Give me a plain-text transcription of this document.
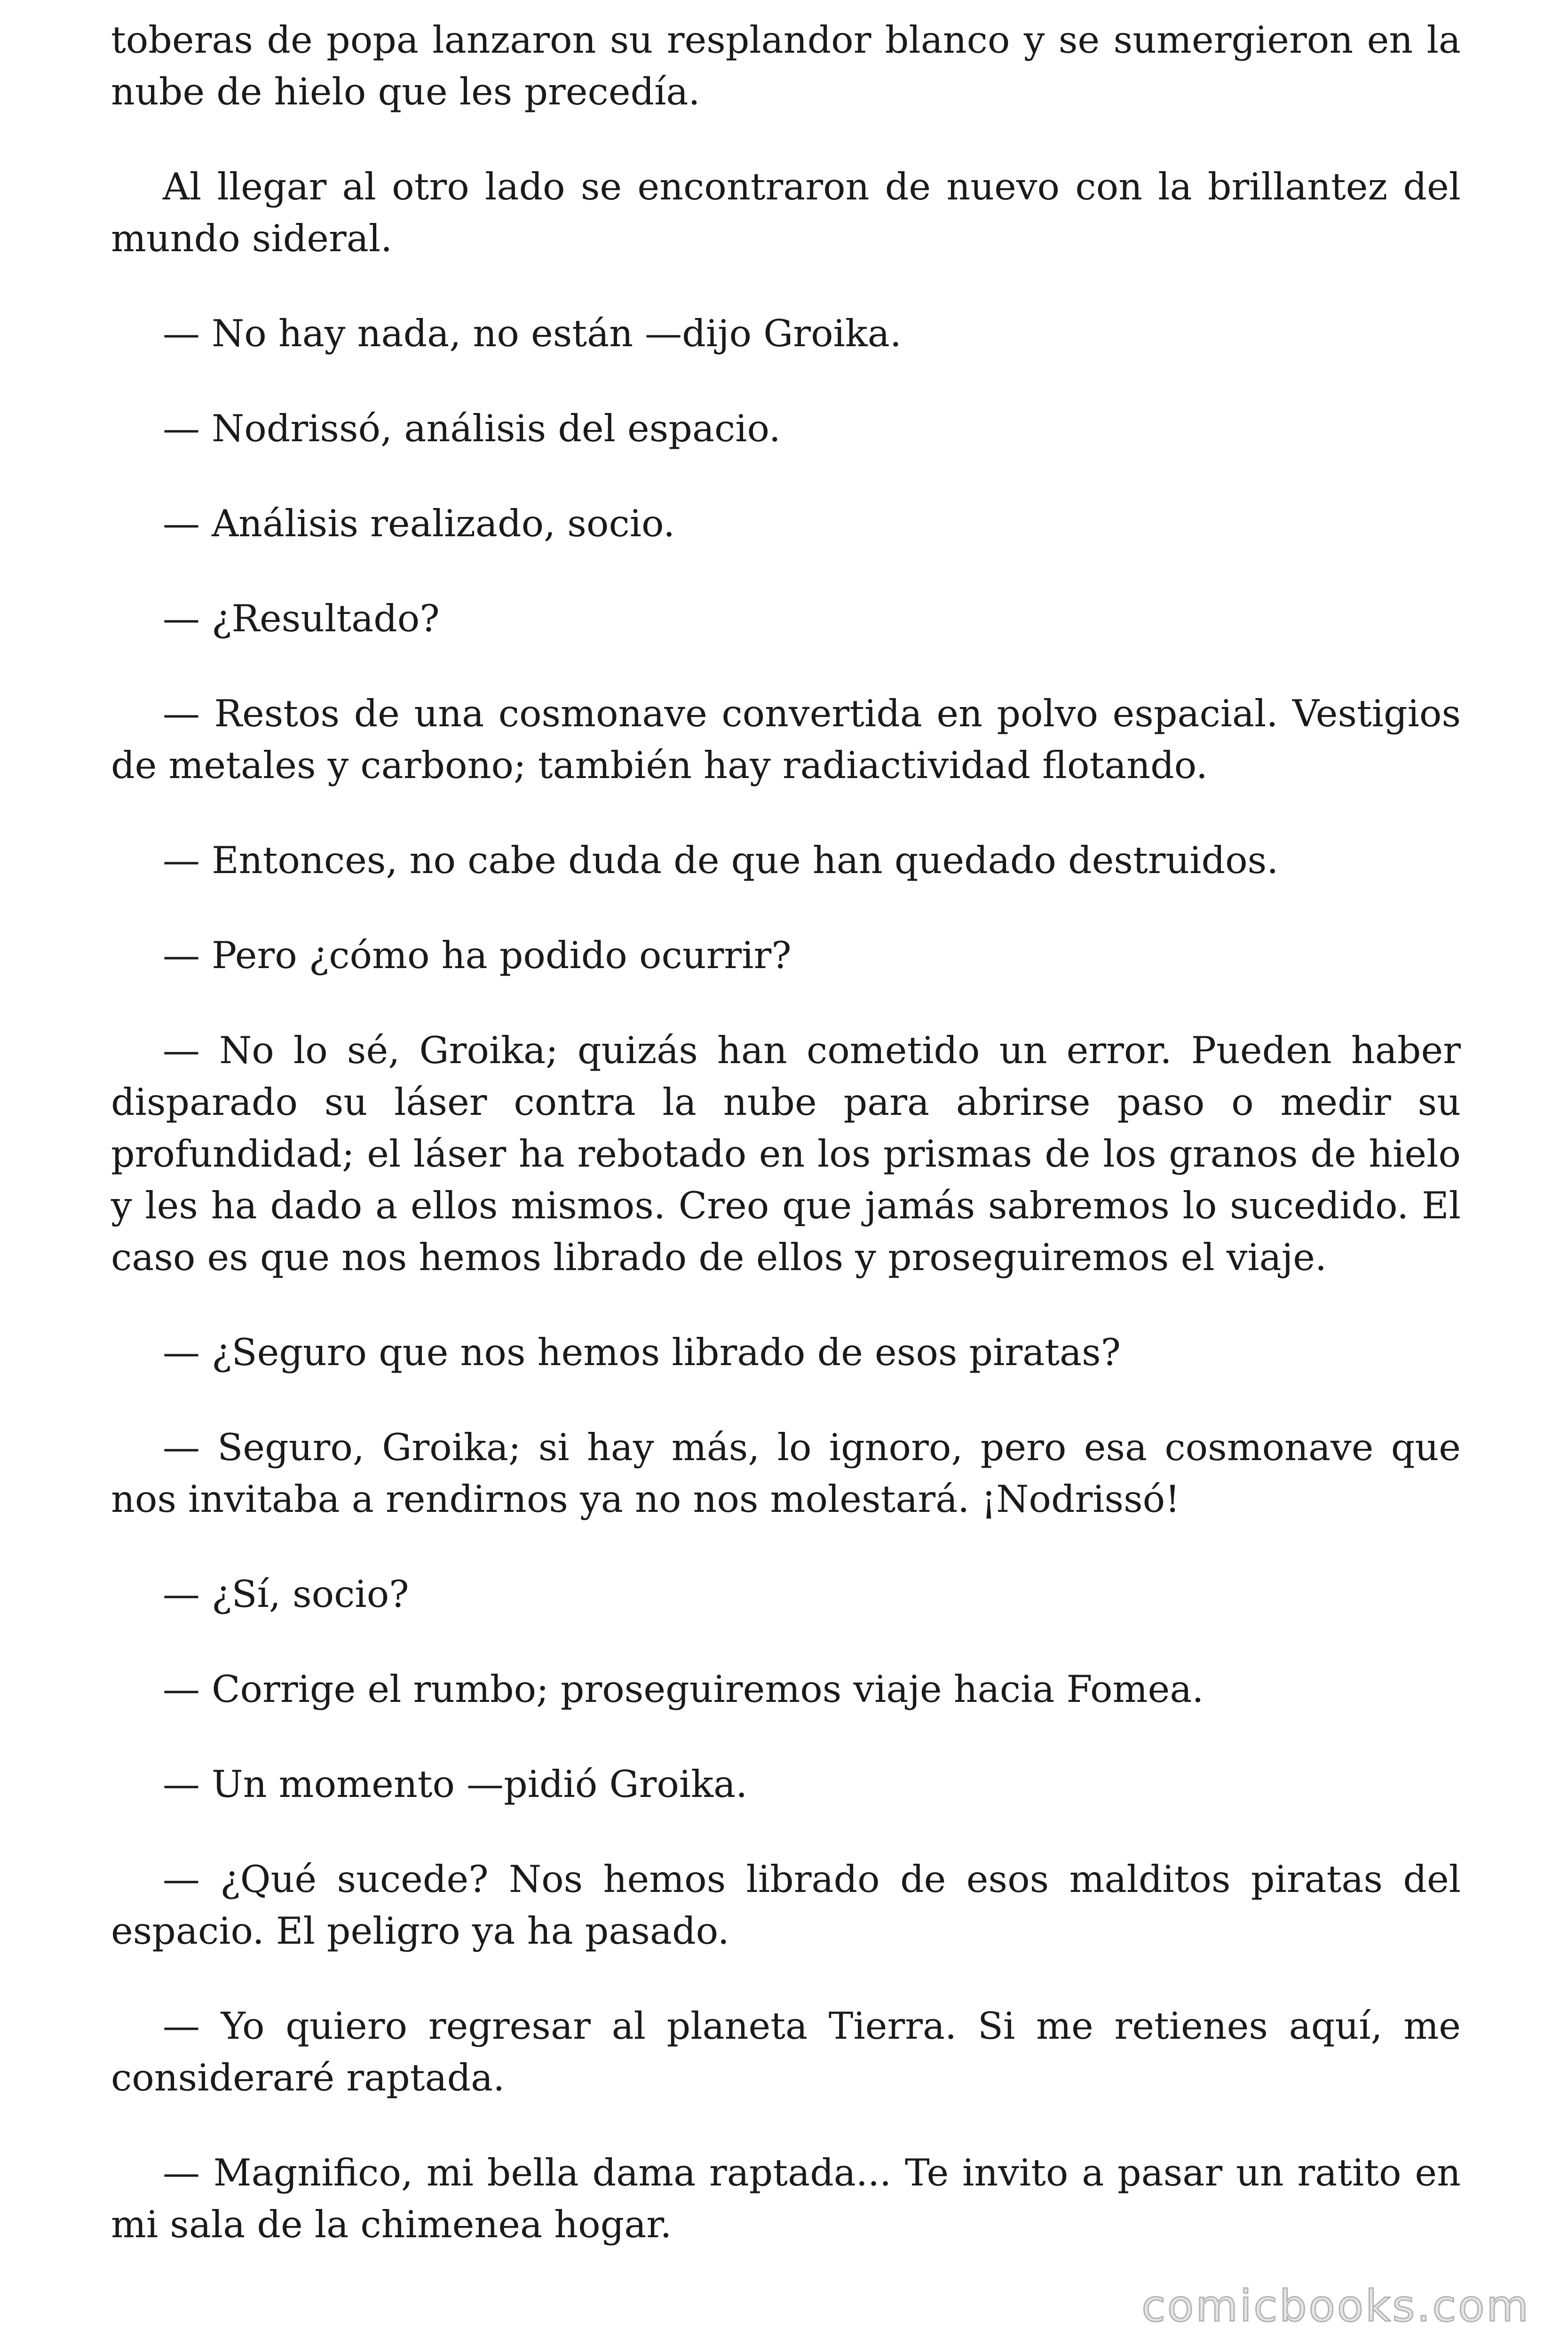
toberas de popa lanzaron su resplandor blanco y se sumergieron en la nube de hielo que les precedía.

Al llegar al otro lado se encontraron de nuevo con la brillantez del mundo sideral.

— No hay nada, no están —dijo Groika.

— Nodrissó, análisis del espacio.

— Análisis realizado, socio.

— ¿Resultado?

— Restos de una cosmonave convertida en polvo espacial. Vestigios de metales y carbono; también hay radiactividad flotando.

— Entonces, no cabe duda de que han quedado destruidos.

— Pero ¿cómo ha podido ocurrir?

— No lo sé, Groika; quizás han cometido un error. Pueden haber disparado su láser contra la nube para abrirse paso o medir su profundidad; el láser ha rebotado en los prismas de los granos de hielo y les ha dado a ellos mismos. Creo que jamás sabremos lo sucedido. El caso es que nos hemos librado de ellos y proseguiremos el viaje.

— ¿Seguro que nos hemos librado de esos piratas?

— Seguro, Groika; si hay más, lo ignoro, pero esa cosmonave que nos invitaba a rendirnos ya no nos molestará. ¡Nodrissó!

— ¿Sí, socio?

— Corrige el rumbo; proseguiremos viaje hacia Fomea.

— Un momento —pidió Groika.

— ¿Qué sucede? Nos hemos librado de esos malditos piratas del espacio. El peligro ya ha pasado.

— Yo quiero regresar al planeta Tierra. Si me retienes aquí, me consideraré raptada.

— Magnifico, mi bella dama raptada... Te invito a pasar un ratito en mi sala de la chimenea hogar.

comicbooks.com
